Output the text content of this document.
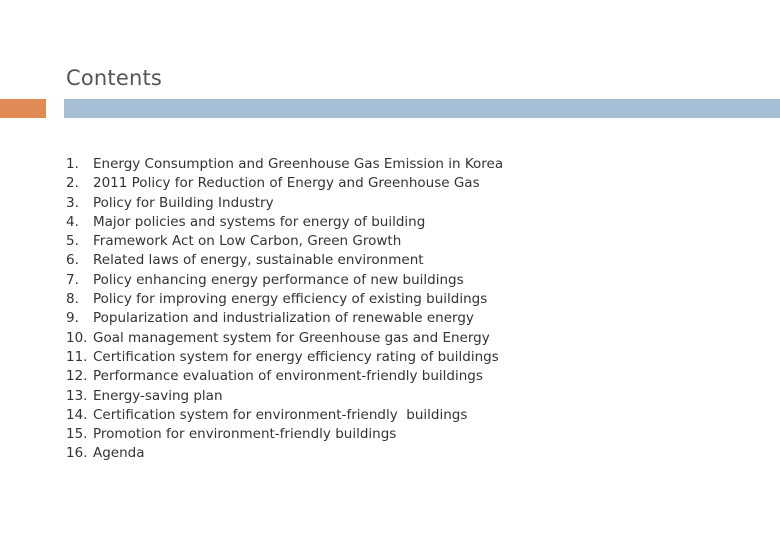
Contents
1.	Energy Consumption and Greenhouse Gas Emission in Korea
2.	2011 Policy for Reduction of Energy and Greenhouse Gas
3.	Policy for Building Industry
4.	Major policies and systems for energy of building
5.	Framework Act on Low Carbon, Green Growth
6.	Related laws of energy, sustainable environment
7.	Policy enhancing energy performance of new buildings
8.	Policy for improving energy efficiency of existing buildings
9.	Popularization and industrialization of renewable energy
10. Goal management system for Greenhouse gas and Energy
11. Certification system for energy efficiency rating of buildings
12. Performance evaluation of environment-friendly buildings
13. Energy-saving plan
14. Certification system for environment-friendly  buildings
15. Promotion for environment-friendly buildings
16. Agenda
